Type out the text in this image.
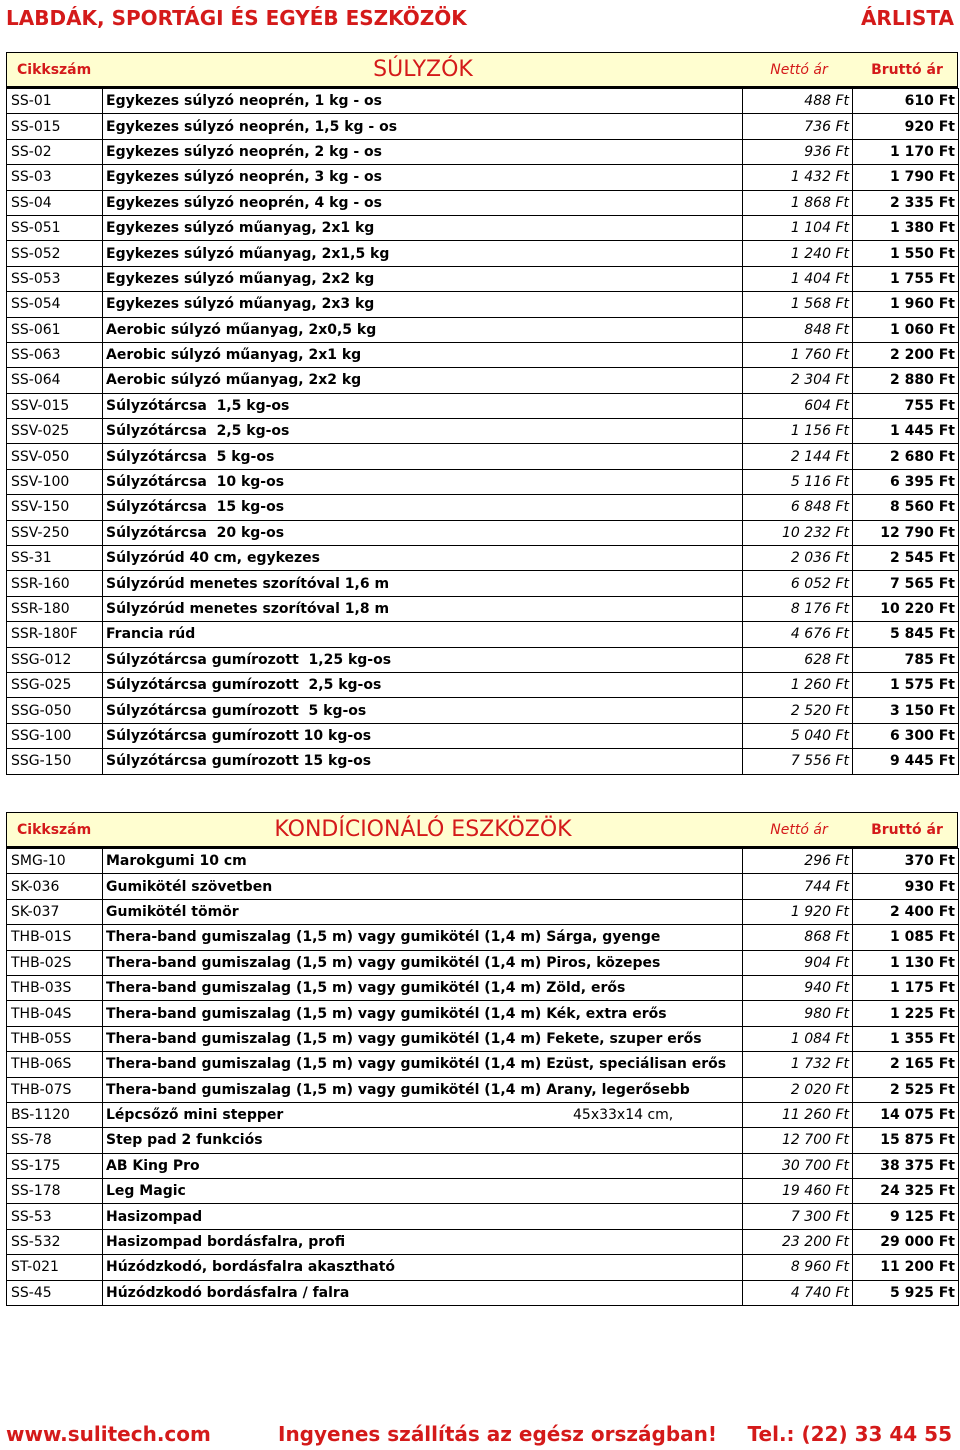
LABDÁK, SPORTÁGI ÉS EGYÉB ESZKÖZÖK	ÁRLISTA
Cikkszám	SÚLYZÓK	Nettó ár	Bruttó ár
SS-01	Egykezes súlyzó neoprén, 1 kg - os	488 Ft	610 Ft
SS-015	Egykezes súlyzó neoprén, 1,5 kg - os	736 Ft	920 Ft
SS-02	Egykezes súlyzó neoprén, 2 kg - os	936 Ft	1 170 Ft
SS-03	Egykezes súlyzó neoprén, 3 kg - os	1 432 Ft	1 790 Ft
SS-04	Egykezes súlyzó neoprén, 4 kg - os	1 868 Ft	2 335 Ft
SS-051	Egykezes súlyzó műanyag, 2x1 kg	1 104 Ft	1 380 Ft
SS-052	Egykezes súlyzó műanyag, 2x1,5 kg	1 240 Ft	1 550 Ft
SS-053	Egykezes súlyzó műanyag, 2x2 kg	1 404 Ft	1 755 Ft
SS-054	Egykezes súlyzó műanyag, 2x3 kg	1 568 Ft	1 960 Ft
SS-061	Aerobic súlyzó műanyag, 2x0,5 kg	848 Ft	1 060 Ft
SS-063	Aerobic súlyzó műanyag, 2x1 kg	1 760 Ft	2 200 Ft
SS-064	Aerobic súlyzó műanyag, 2x2 kg	2 304 Ft	2 880 Ft
SSV-015	Súlyzótárcsa  1,5 kg-os	604 Ft	755 Ft
SSV-025	Súlyzótárcsa  2,5 kg-os	1 156 Ft	1 445 Ft
SSV-050	Súlyzótárcsa  5 kg-os	2 144 Ft	2 680 Ft
SSV-100	Súlyzótárcsa  10 kg-os	5 116 Ft	6 395 Ft
SSV-150	Súlyzótárcsa  15 kg-os	6 848 Ft	8 560 Ft
SSV-250	Súlyzótárcsa  20 kg-os	10 232 Ft	12 790 Ft
SS-31	Súlyzórúd 40 cm, egykezes	2 036 Ft	2 545 Ft
SSR-160	Súlyzórúd menetes szorítóval 1,6 m	6 052 Ft	7 565 Ft
SSR-180	Súlyzórúd menetes szorítóval 1,8 m	8 176 Ft	10 220 Ft
SSR-180F	Francia rúd	4 676 Ft	5 845 Ft
SSG-012	Súlyzótárcsa gumírozott  1,25 kg-os	628 Ft	785 Ft
SSG-025	Súlyzótárcsa gumírozott  2,5 kg-os	1 260 Ft	1 575 Ft
SSG-050	Súlyzótárcsa gumírozott  5 kg-os	2 520 Ft	3 150 Ft
SSG-100	Súlyzótárcsa gumírozott 10 kg-os	5 040 Ft	6 300 Ft
SSG-150	Súlyzótárcsa gumírozott 15 kg-os	7 556 Ft	9 445 Ft
Cikkszám	KONDÍCIONÁLÓ ESZKÖZÖK	Nettó ár	Bruttó ár
SMG-10	Marokgumi 10 cm	296 Ft	370 Ft
SK-036	Gumikötél szövetben	744 Ft	930 Ft
SK-037	Gumikötél tömör	1 920 Ft	2 400 Ft
THB-01S	Thera-band gumiszalag (1,5 m) vagy gumikötél (1,4 m) Sárga, gyenge	868 Ft	1 085 Ft
THB-02S	Thera-band gumiszalag (1,5 m) vagy gumikötél (1,4 m) Piros, közepes	904 Ft	1 130 Ft
THB-03S	Thera-band gumiszalag (1,5 m) vagy gumikötél (1,4 m) Zöld, erős	940 Ft	1 175 Ft
THB-04S	Thera-band gumiszalag (1,5 m) vagy gumikötél (1,4 m) Kék, extra erős	980 Ft	1 225 Ft
THB-05S	Thera-band gumiszalag (1,5 m) vagy gumikötél (1,4 m) Fekete, szuper erős	1 084 Ft	1 355 Ft
THB-06S	Thera-band gumiszalag (1,5 m) vagy gumikötél (1,4 m) Ezüst, speciálisan erős	1 732 Ft	2 165 Ft
THB-07S	Thera-band gumiszalag (1,5 m) vagy gumikötél (1,4 m) Arany, legerősebb	2 020 Ft	2 525 Ft
BS-1120	Lépcsőző mini stepper 45x33x14 cm,	11 260 Ft	14 075 Ft
SS-78	Step pad 2 funkciós	12 700 Ft	15 875 Ft
SS-175	AB King Pro	30 700 Ft	38 375 Ft
SS-178	Leg Magic	19 460 Ft	24 325 Ft
SS-53	Hasizompad	7 300 Ft	9 125 Ft
SS-532	Hasizompad bordásfalra, profi	23 200 Ft	29 000 Ft
ST-021	Húzódzkodó, bordásfalra akasztható	8 960 Ft	11 200 Ft
SS-45	Húzódzkodó bordásfalra / falra	4 740 Ft	5 925 Ft
www.sulitech.com	Ingyenes szállítás az egész országban! Tel.: (22) 33 44 55
